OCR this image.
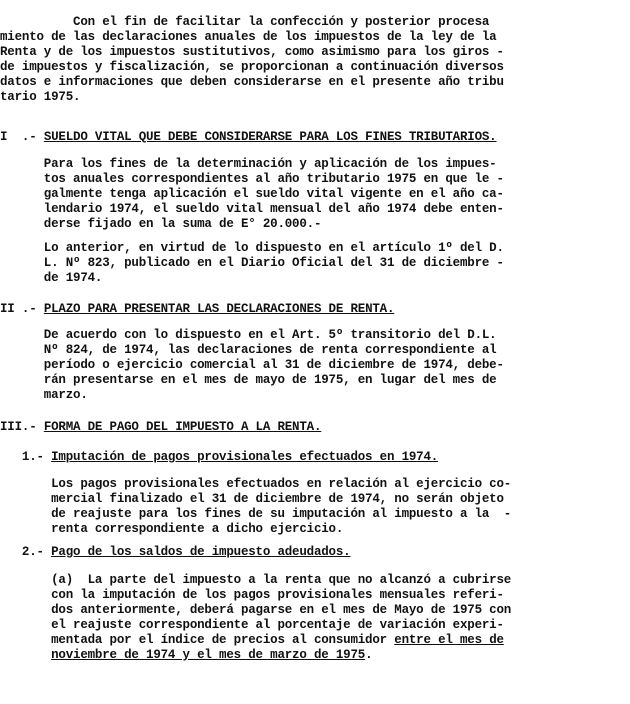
Con el fin de facilitar la confección y posterior procesa
miento de las declaraciones anuales de los impuestos de la ley de la
Renta y de los impuestos sustitutivos, como asimismo para los giros -
de impuestos y fiscalización, se proporcionan a continuación diversos
datos e informaciones que deben considerarse en el presente año tribu
tario 1975.
I  .- SUELDO VITAL QUE DEBE CONSIDERARSE PARA LOS FINES TRIBUTARIOS.
Para los fines de la determinación y aplicación de los impues-
tos anuales correspondientes al año tributario 1975 en que le -
galmente tenga aplicación el sueldo vital vigente en el año ca-
lendario 1974, el sueldo vital mensual del año 1974 debe enten-
derse fijado en la suma de E° 20.000.-
Lo anterior, en virtud de lo dispuesto en el artículo 1º del D.
L. Nº 823, publicado en el Diario Oficial del 31 de diciembre -
de 1974.
II .- PLAZO PARA PRESENTAR LAS DECLARACIONES DE RENTA.
De acuerdo con lo dispuesto en el Art. 5º transitorio del D.L.
Nº 824, de 1974, las declaraciones de renta correspondiente al
período o ejercicio comercial al 31 de diciembre de 1974, debe-
rán presentarse en el mes de mayo de 1975, en lugar del mes de
marzo.
III.- FORMA DE PAGO DEL IMPUESTO A LA RENTA.
1.- Imputación de pagos provisionales efectuados en 1974.
Los pagos provisionales efectuados en relación al ejercicio co-
mercial finalizado el 31 de diciembre de 1974, no serán objeto
de reajuste para los fines de su imputación al impuesto a la  -
renta correspondiente a dicho ejercicio.
2.- Pago de los saldos de impuesto adeudados.
(a)  La parte del impuesto a la renta que no alcanzó a cubrirse
con la imputación de los pagos provisionales mensuales referi-
dos anteriormente, deberá pagarse en el mes de Mayo de 1975 con
el reajuste correspondiente al porcentaje de variación experi-
mentada por el índice de precios al consumidor entre el mes de
noviembre de 1974 y el mes de marzo de 1975.
